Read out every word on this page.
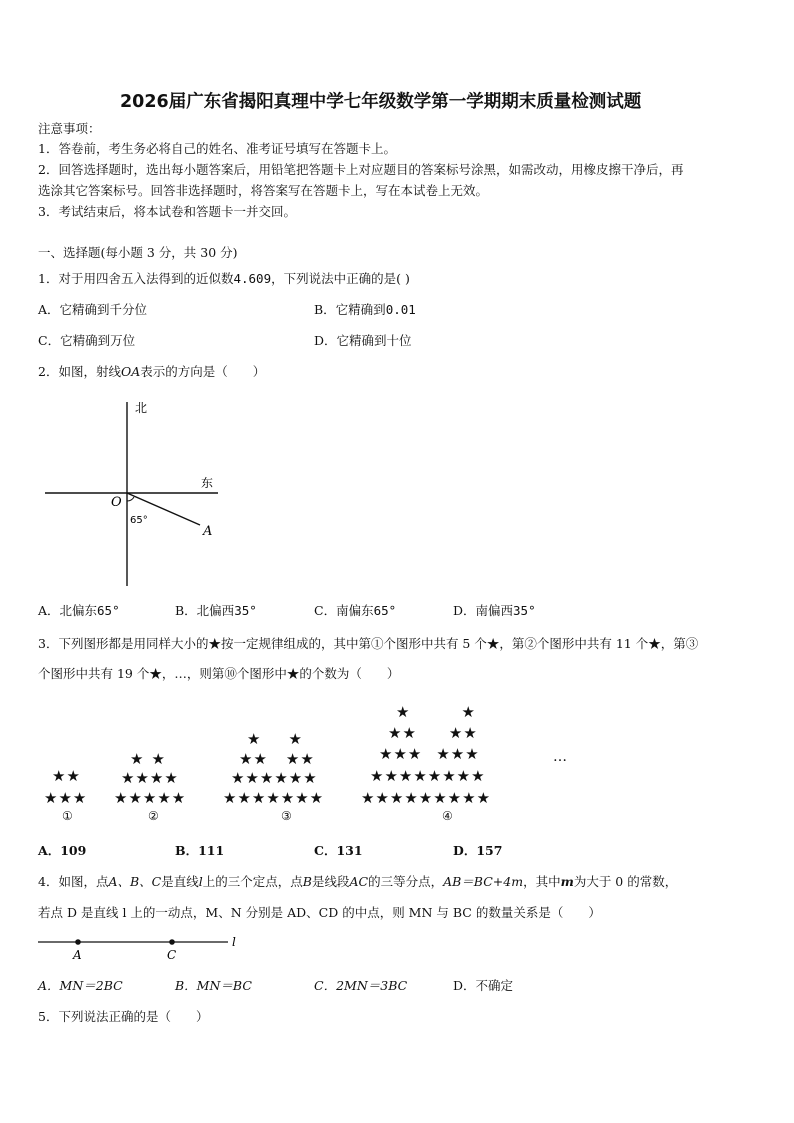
2026届广东省揭阳真理中学七年级数学第一学期期末质量检测试题
注意事项：
1．答卷前，考生务必将自己的姓名、准考证号填写在答题卡上。
2．回答选择题时，选出每小题答案后，用铅笔把答题卡上对应题目的答案标号涂黑，如需改动，用橡皮擦干净后，再
选涂其它答案标号。回答非选择题时，将答案写在答题卡上，写在本试卷上无效。
3．考试结束后，将本试卷和答题卡一并交回。
一、选择题(每小题 3 分，共 30 分)
1．对于用四舍五入法得到的近似数4.609，下列说法中正确的是( )
A．它精确到千分位	B．它精确到0.01
C．它精确到万位	D．它精确到十位
2．如图，射线OA表示的方向是（　　）
北
东
O
A
65°
A．北偏东65°	B．北偏西35°	C．南偏东65°	D．南偏西35°
3．下列图形都是用同样大小的★按一定规律组成的，其中第①个图形中共有 5 个★，第②个图形中共有 11 个★，第③
个图形中共有 19 个★，…，则第⑩个图形中★的个数为（　　）
★★
★★★
①
★★
★★★★
★★★★★
②
★★
★★ ★★
★★★★★★
★★★★★★★
③
★★
★★ ★★
★★★ ★★★
★★★★★★★★
★★★★★★★★★
④
…
A．109	B．111	C．131	D．157
4．如图，点A、B、C是直线l上的三个定点，点B是线段AC的三等分点，AB＝BC+4m，其中m为大于 0 的常数，
若点 D 是直线 l 上的一动点，M、N 分别是 AD、CD 的中点，则 MN 与 BC 的数量关系是（　　）
A	C
l
A．MN＝2BC	B．MN＝BC	C．2MN＝3BC	D．不确定
5．下列说法正确的是（　　）
